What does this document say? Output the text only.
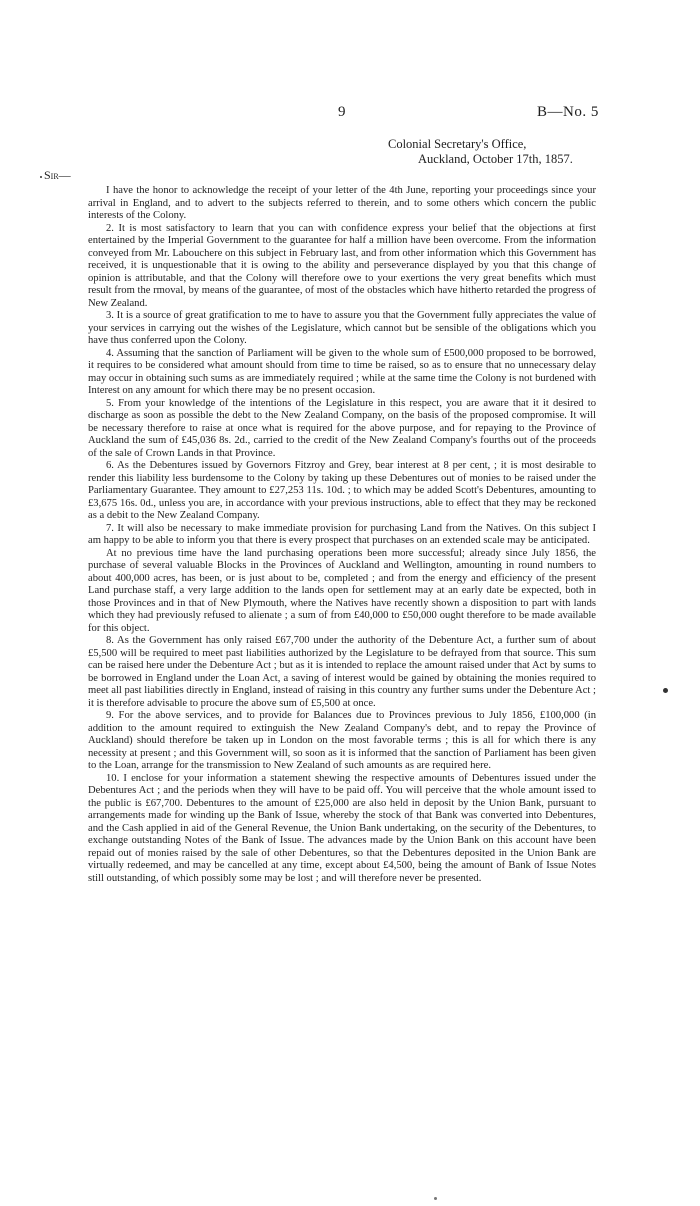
9	B—No. 5
Colonial Secretary's Office,
Auckland, October 17th, 1857.
Sir—

I have the honor to acknowledge the receipt of your letter of the 4th June, reporting your proceedings since your arrival in England, and to advert to the subjects referred to therein, and to some others which concern the public interests of the Colony.

2. It is most satisfactory to learn that you can with confidence express your belief that the objections at first entertained by the Imperial Government to the guarantee for half a million have been overcome. From the information conveyed from Mr. Labouchere on this subject in February last, and from other information which this Government has received, it is unquestionable that it is owing to the ability and perseverance displayed by you that this change of opinion is attributable, and that the Colony will therefore owe to your exertions the very great benefits which must result from the rmoval, by means of the guarantee, of most of the obstacles which have hitherto retarded the progress of New Zealand.

3. It is a source of great gratification to me to have to assure you that the Government fully appreciates the value of your services in carrying out the wishes of the Legislature, which cannot but be sensible of the obligations which you have thus conferred upon the Colony.

4. Assuming that the sanction of Parliament will be given to the whole sum of £500,000 proposed to be borrowed, it requires to be considered what amount should from time to time be raised, so as to ensure that no unnecessary delay may occur in obtaining such sums as are immediately required ; while at the same time the Colony is not burdened with Interest on any amount for which there may be no present occasion.

5. From your knowledge of the intentions of the Legislature in this respect, you are aware that it it desired to discharge as soon as possible the debt to the New Zealand Company, on the basis of the proposed compromise. It will be necessary therefore to raise at once what is required for the above purpose, and for repaying to the Province of Auckland the sum of £45,036 8s. 2d., carried to the credit of the New Zealand Company's fourths out of the proceeds of the sale of Crown Lands in that Province.

6. As the Debentures issued by Governors Fitzroy and Grey, bear interest at 8 per cent, ; it is most desirable to render this liability less burdensome to the Colony by taking up these Debentures out of monies to be raised under the Parliamentary Guarantee. They amount to £27,253 11s. 10d. ; to which may be added Scott's Debentures, amounting to £3,675 16s. 0d., unless you are, in accordance with your previous instructions, able to effect that they may be reckoned as a debit to the New Zealand Company.

7. It will also be necessary to make immediate provision for purchasing Land from the Natives. On this subject I am happy to be able to inform you that there is every prospect that purchases on an extended scale may be anticipated.

At no previous time have the land purchasing operations been more successful; already since July 1856, the purchase of several valuable Blocks in the Provinces of Auckland and Wellington, amounting in round numbers to about 400,000 acres, has been, or is just about to be, completed ; and from the energy and efficiency of the present Land purchase staff, a very large addition to the lands open for settlement may at an early date be expected, both in those Provinces and in that of New Plymouth, where the Natives have recently shown a disposition to part with lands which they had previously refused to alienate ; a sum of from £40,000 to £50,000 ought therefore to be made available for this object.

8. As the Government has only raised £67,700 under the authority of the Debenture Act, a further sum of about £5,500 will be required to meet past liabilities authorized by the Legislature to be defrayed from that source. This sum can be raised here under the Debenture Act ; but as it is intended to replace the amount raised under that Act by sums to be borrowed in England under the Loan Act, a saving of interest would be gained by obtaining the monies required to meet all past liabilities directly in England, instead of raising in this country any further sums under the Debenture Act ; it is therefore advisable to procure the above sum of £5,500 at once.

9. For the above services, and to provide for Balances due to Provinces previous to July 1856, £100,000 (in addition to the amount required to extinguish the New Zealand Company's debt, and to repay the Province of Auckland) should therefore be taken up in London on the most favorable terms ; this is all for which there is any necessity at present ; and this Government will, so soon as it is informed that the sanction of Parliament has been given to the Loan, arrange for the transmission to New Zealand of such amounts as are required here.

10. I enclose for your information a statement shewing the respective amounts of Debentures issued under the Debentures Act ; and the periods when they will have to be paid off. You will perceive that the whole amount issed to the public is £67,700. Debentures to the amount of £25,000 are also held in deposit by the Union Bank, pursuant to arrangements made for winding up the Bank of Issue, whereby the stock of that Bank was converted into Debentures, and the Cash applied in aid of the General Revenue, the Union Bank undertaking, on the security of the Debentures, to exchange outstanding Notes of the Bank of Issue. The advances made by the Union Bank on this account have been repaid out of monies raised by the sale of other Debentures, so that the Debentures deposited in the Union Bank are virtually redeemed, and may be cancelled at any time, except about £4,500, being the amount of Bank of Issue Notes still outstanding, of which possibly some may be lost ; and will therefore never be presented.
